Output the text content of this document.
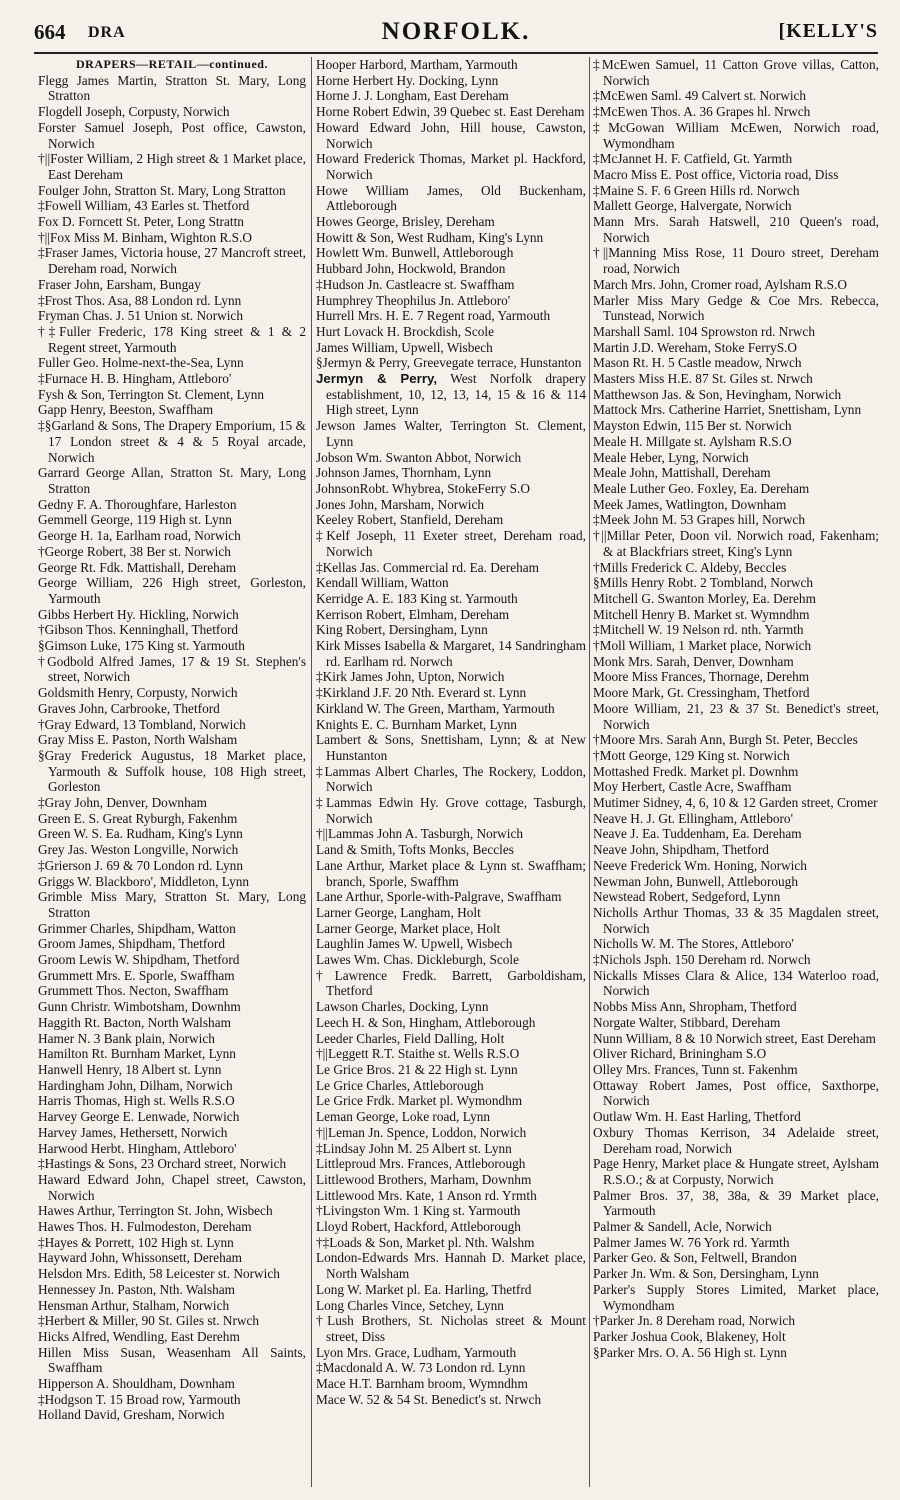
664 DRA	NORFOLK.	[KELLY'S
DRAPERS—RETAIL—continued.
Flegg James Martin, Stratton St. Mary, Long Stratton
Flogdell Joseph, Corpusty, Norwich
Forster Samuel Joseph, Post office, Cawston, Norwich
†||Foster William, 2 High street & 1 Market place, East Dereham
Foulger John, Stratton St. Mary, Long Stratton
‡Fowell William, 43 Earles st. Thetford
Fox D. Forncett St. Peter, Long Strattn
†||Fox Miss M. Binham, Wighton R.S.O
‡Fraser James, Victoria house, 27 Mancroft street, Dereham road, Norwich
Fraser John, Earsham, Bungay
‡Frost Thos. Asa, 88 London rd. Lynn
Fryman Chas. J. 51 Union st. Norwich
†‡Fuller Frederic, 178 King street & 1 & 2 Regent street, Yarmouth
Fuller Geo. Holme-next-the-Sea, Lynn
‡Furnace H. B. Hingham, Attleboro'
Fysh & Son, Terrington St. Clement, Lynn
Gapp Henry, Beeston, Swaffham
‡§Garland & Sons, The Drapery Emporium, 15 & 17 London street & 4 & 5 Royal arcade, Norwich
Garrard George Allan, Stratton St. Mary, Long Stratton
Gedny F. A. Thoroughfare, Harleston
Gemmell George, 119 High st. Lynn
George H. 1a, Earlham road, Norwich
†George Robert, 38 Ber st. Norwich
George Rt. Fdk. Mattishall, Dereham
George William, 226 High street, Gorleston, Yarmouth
Gibbs Herbert Hy. Hickling, Norwich
†Gibson Thos. Kenninghall, Thetford
§Gimson Luke, 175 King st. Yarmouth
†Godbold Alfred James, 17 & 19 St. Stephen's street, Norwich
Goldsmith Henry, Corpusty, Norwich
Graves John, Carbrooke, Thetford
†Gray Edward, 13 Tombland, Norwich
Gray Miss E. Paston, North Walsham
§Gray Frederick Augustus, 18 Market place, Yarmouth & Suffolk house, 108 High street, Gorleston
‡Gray John, Denver, Downham
Green E. S. Great Ryburgh, Fakenhm
Green W. S. Ea. Rudham, King's Lynn
Grey Jas. Weston Longville, Norwich
‡Grierson J. 69 & 70 London rd. Lynn
Griggs W. Blackboro', Middleton, Lynn
Grimble Miss Mary, Stratton St. Mary, Long Stratton
Grimmer Charles, Shipdham, Watton
Groom James, Shipdham, Thetford
Groom Lewis W. Shipdham, Thetford
Grummett Mrs. E. Sporle, Swaffham
Grummett Thos. Necton, Swaffham
Gunn Christr. Wimbotsham, Downhm
Haggith Rt. Bacton, North Walsham
Hamer N. 3 Bank plain, Norwich
Hamilton Rt. Burnham Market, Lynn
Hanwell Henry, 18 Albert st. Lynn
Hardingham John, Dilham, Norwich
Harris Thomas, High st. Wells R.S.O
Harvey George E. Lenwade, Norwich
Harvey James, Hethersett, Norwich
Harwood Herbt. Hingham, Attleboro'
‡Hastings & Sons, 23 Orchard street, Norwich
Haward Edward John, Chapel street, Cawston, Norwich
Hawes Arthur, Terrington St. John, Wisbech
Hawes Thos. H. Fulmodeston, Dereham
‡Hayes & Porrett, 102 High st. Lynn
Hayward John, Whissonsett, Dereham
Helsdon Mrs. Edith, 58 Leicester st. Norwich
Hennessey Jn. Paston, Nth. Walsham
Hensman Arthur, Stalham, Norwich
‡Herbert & Miller, 90 St. Giles st. Nrwch
Hicks Alfred, Wendling, East Derehm
Hillen Miss Susan, Weasenham All Saints, Swaffham
Hipperson A. Shouldham, Downham
‡Hodgson T. 15 Broad row, Yarmouth
Holland David, Gresham, Norwich
Hooper Harbord, Martham, Yarmouth
Horne Herbert Hy. Docking, Lynn
Horne J. J. Longham, East Dereham
Horne Robert Edwin, 39 Quebec st. East Dereham
Howard Edward John, Hill house, Cawston, Norwich
Howard Frederick Thomas, Market pl. Hackford, Norwich
Howe William James, Old Buckenham, Attleborough
Howes George, Brisley, Dereham
Howitt & Son, West Rudham, King's Lynn
Howlett Wm. Bunwell, Attleborough
Hubbard John, Hockwold, Brandon
‡Hudson Jn. Castleacre st. Swaffham
Humphrey Theophilus Jn. Attleboro'
Hurrell Mrs. H. E. 7 Regent road, Yarmouth
Hurt Lovack H. Brockdish, Scole
James William, Upwell, Wisbech
§Jermyn & Perry, Greevegate terrace, Hunstanton
Jermyn & Perry, West Norfolk drapery establishment, 10, 12, 13, 14, 15 & 16 & 114 High street, Lynn
Jewson James Walter, Terrington St. Clement, Lynn
Jobson Wm. Swanton Abbot, Norwich
Johnson James, Thornham, Lynn
JohnsonRobt. Whybrea, StokeFerry S.O
Jones John, Marsham, Norwich
Keeley Robert, Stanfield, Dereham
‡Kelf Joseph, 11 Exeter street, Dereham road, Norwich
‡Kellas Jas. Commercial rd. Ea. Dereham
Kendall William, Watton
Kerridge A. E. 183 King st. Yarmouth
Kerrison Robert, Elmham, Dereham
King Robert, Dersingham, Lynn
Kirk Misses Isabella & Margaret, 14 Sandringham rd. Earlham rd. Norwch
‡Kirk James John, Upton, Norwich
‡Kirkland J.F. 20 Nth. Everard st. Lynn
Kirkland W. The Green, Martham, Yarmouth
Knights E. C. Burnham Market, Lynn
Lambert & Sons, Snettisham, Lynn; & at New Hunstanton
‡Lammas Albert Charles, The Rockery, Loddon, Norwich
‡Lammas Edwin Hy. Grove cottage, Tasburgh, Norwich
†||Lammas John A. Tasburgh, Norwich
Land & Smith, Tofts Monks, Beccles
Lane Arthur, Market place & Lynn st. Swaffham; branch, Sporle, Swaffhm
Lane Arthur, Sporle-with-Palgrave, Swaffham
Larner George, Langham, Holt
Larner George, Market place, Holt
Laughlin James W. Upwell, Wisbech
Lawes Wm. Chas. Dickleburgh, Scole
†Lawrence Fredk. Barrett, Garboldisham, Thetford
Lawson Charles, Docking, Lynn
Leech H. & Son, Hingham, Attleborough
Leeder Charles, Field Dalling, Holt
†||Leggett R.T. Staithe st. Wells R.S.O
Le Grice Bros. 21 & 22 High st. Lynn
Le Grice Charles, Attleborough
Le Grice Frdk. Market pl. Wymondhm
Leman George, Loke road, Lynn
†||Leman Jn. Spence, Loddon, Norwich
‡Lindsay John M. 25 Albert st. Lynn
Littleproud Mrs. Frances, Attleborough
Littlewood Brothers, Marham, Downhm
Littlewood Mrs. Kate, 1 Anson rd. Yrmth
†Livingston Wm. 1 King st. Yarmouth
Lloyd Robert, Hackford, Attleborough
†‡Loads & Son, Market pl. Nth. Walshm
London-Edwards Mrs. Hannah D. Market place, North Walsham
Long W. Market pl. Ea. Harling, Thetfrd
Long Charles Vince, Setchey, Lynn
†Lush Brothers, St. Nicholas street & Mount street, Diss
Lyon Mrs. Grace, Ludham, Yarmouth
‡Macdonald A. W. 73 London rd. Lynn
Mace H.T. Barnham broom, Wymndhm
Mace W. 52 & 54 St. Benedict's st. Nrwch
‡McEwen Samuel, 11 Catton Grove villas, Catton, Norwich
‡McEwen Saml. 49 Calvert st. Norwich
‡McEwen Thos. A. 36 Grapes hl. Nrwch
‡McGowan William McEwen, Norwich road, Wymondham
‡McJannet H. F. Catfield, Gt. Yarmth
Macro Miss E. Post office, Victoria road, Diss
‡Maine S. F. 6 Green Hills rd. Norwch
Mallett George, Halvergate, Norwich
Mann Mrs. Sarah Hatswell, 210 Queen's road, Norwich
†||Manning Miss Rose, 11 Douro street, Dereham road, Norwich
March Mrs. John, Cromer road, Aylsham R.S.O
Marler Miss Mary Gedge & Coe Mrs. Rebecca, Tunstead, Norwich
Marshall Saml. 104 Sprowston rd. Nrwch
Martin J.D. Wereham, Stoke FerryS.O
Mason Rt. H. 5 Castle meadow, Nrwch
Masters Miss H.E. 87 St. Giles st. Nrwch
Matthewson Jas. & Son, Hevingham, Norwich
Mattock Mrs. Catherine Harriet, Snettisham, Lynn
Mayston Edwin, 115 Ber st. Norwich
Meale H. Millgate st. Aylsham R.S.O
Meale Heber, Lyng, Norwich
Meale John, Mattishall, Dereham
Meale Luther Geo. Foxley, Ea. Dereham
Meek James, Watlington, Downham
‡Meek John M. 53 Grapes hill, Norwch
†||Millar Peter, Doon vil. Norwich road, Fakenham; & at Blackfriars street, King's Lynn
†Mills Frederick C. Aldeby, Beccles
§Mills Henry Robt. 2 Tombland, Norwch
Mitchell G. Swanton Morley, Ea. Derehm
Mitchell Henry B. Market st. Wymndhm
‡Mitchell W. 19 Nelson rd. nth. Yarmth
†Moll William, 1 Market place, Norwich
Monk Mrs. Sarah, Denver, Downham
Moore Miss Frances, Thornage, Derehm
Moore Mark, Gt. Cressingham, Thetford
Moore William, 21, 23 & 37 St. Benedict's street, Norwich
†Moore Mrs. Sarah Ann, Burgh St. Peter, Beccles
†Mott George, 129 King st. Norwich
Mottashed Fredk. Market pl. Downhm
Moy Herbert, Castle Acre, Swaffham
Mutimer Sidney, 4, 6, 10 & 12 Garden street, Cromer
Neave H. J. Gt. Ellingham, Attleboro'
Neave J. Ea. Tuddenham, Ea. Dereham
Neave John, Shipdham, Thetford
Neeve Frederick Wm. Honing, Norwich
Newman John, Bunwell, Attleborough
Newstead Robert, Sedgeford, Lynn
Nicholls Arthur Thomas, 33 & 35 Magdalen street, Norwich
Nicholls W. M. The Stores, Attleboro'
‡Nichols Jsph. 150 Dereham rd. Norwch
Nickalls Misses Clara & Alice, 134 Waterloo road, Norwich
Nobbs Miss Ann, Shropham, Thetford
Norgate Walter, Stibbard, Dereham
Nunn William, 8 & 10 Norwich street, East Dereham
Oliver Richard, Briningham S.O
Olley Mrs. Frances, Tunn st. Fakenhm
Ottaway Robert James, Post office, Saxthorpe, Norwich
Outlaw Wm. H. East Harling, Thetford
Oxbury Thomas Kerrison, 34 Adelaide street, Dereham road, Norwich
Page Henry, Market place & Hungate street, Aylsham R.S.O.; & at Corpusty, Norwich
Palmer Bros. 37, 38, 38a, & 39 Market place, Yarmouth
Palmer & Sandell, Acle, Norwich
Palmer James W. 76 York rd. Yarmth
Parker Geo. & Son, Feltwell, Brandon
Parker Jn. Wm. & Son, Dersingham, Lynn
Parker's Supply Stores Limited, Market place, Wymondham
†Parker Jn. 8 Dereham road, Norwich
Parker Joshua Cook, Blakeney, Holt
§Parker Mrs. O. A. 56 High st. Lynn
